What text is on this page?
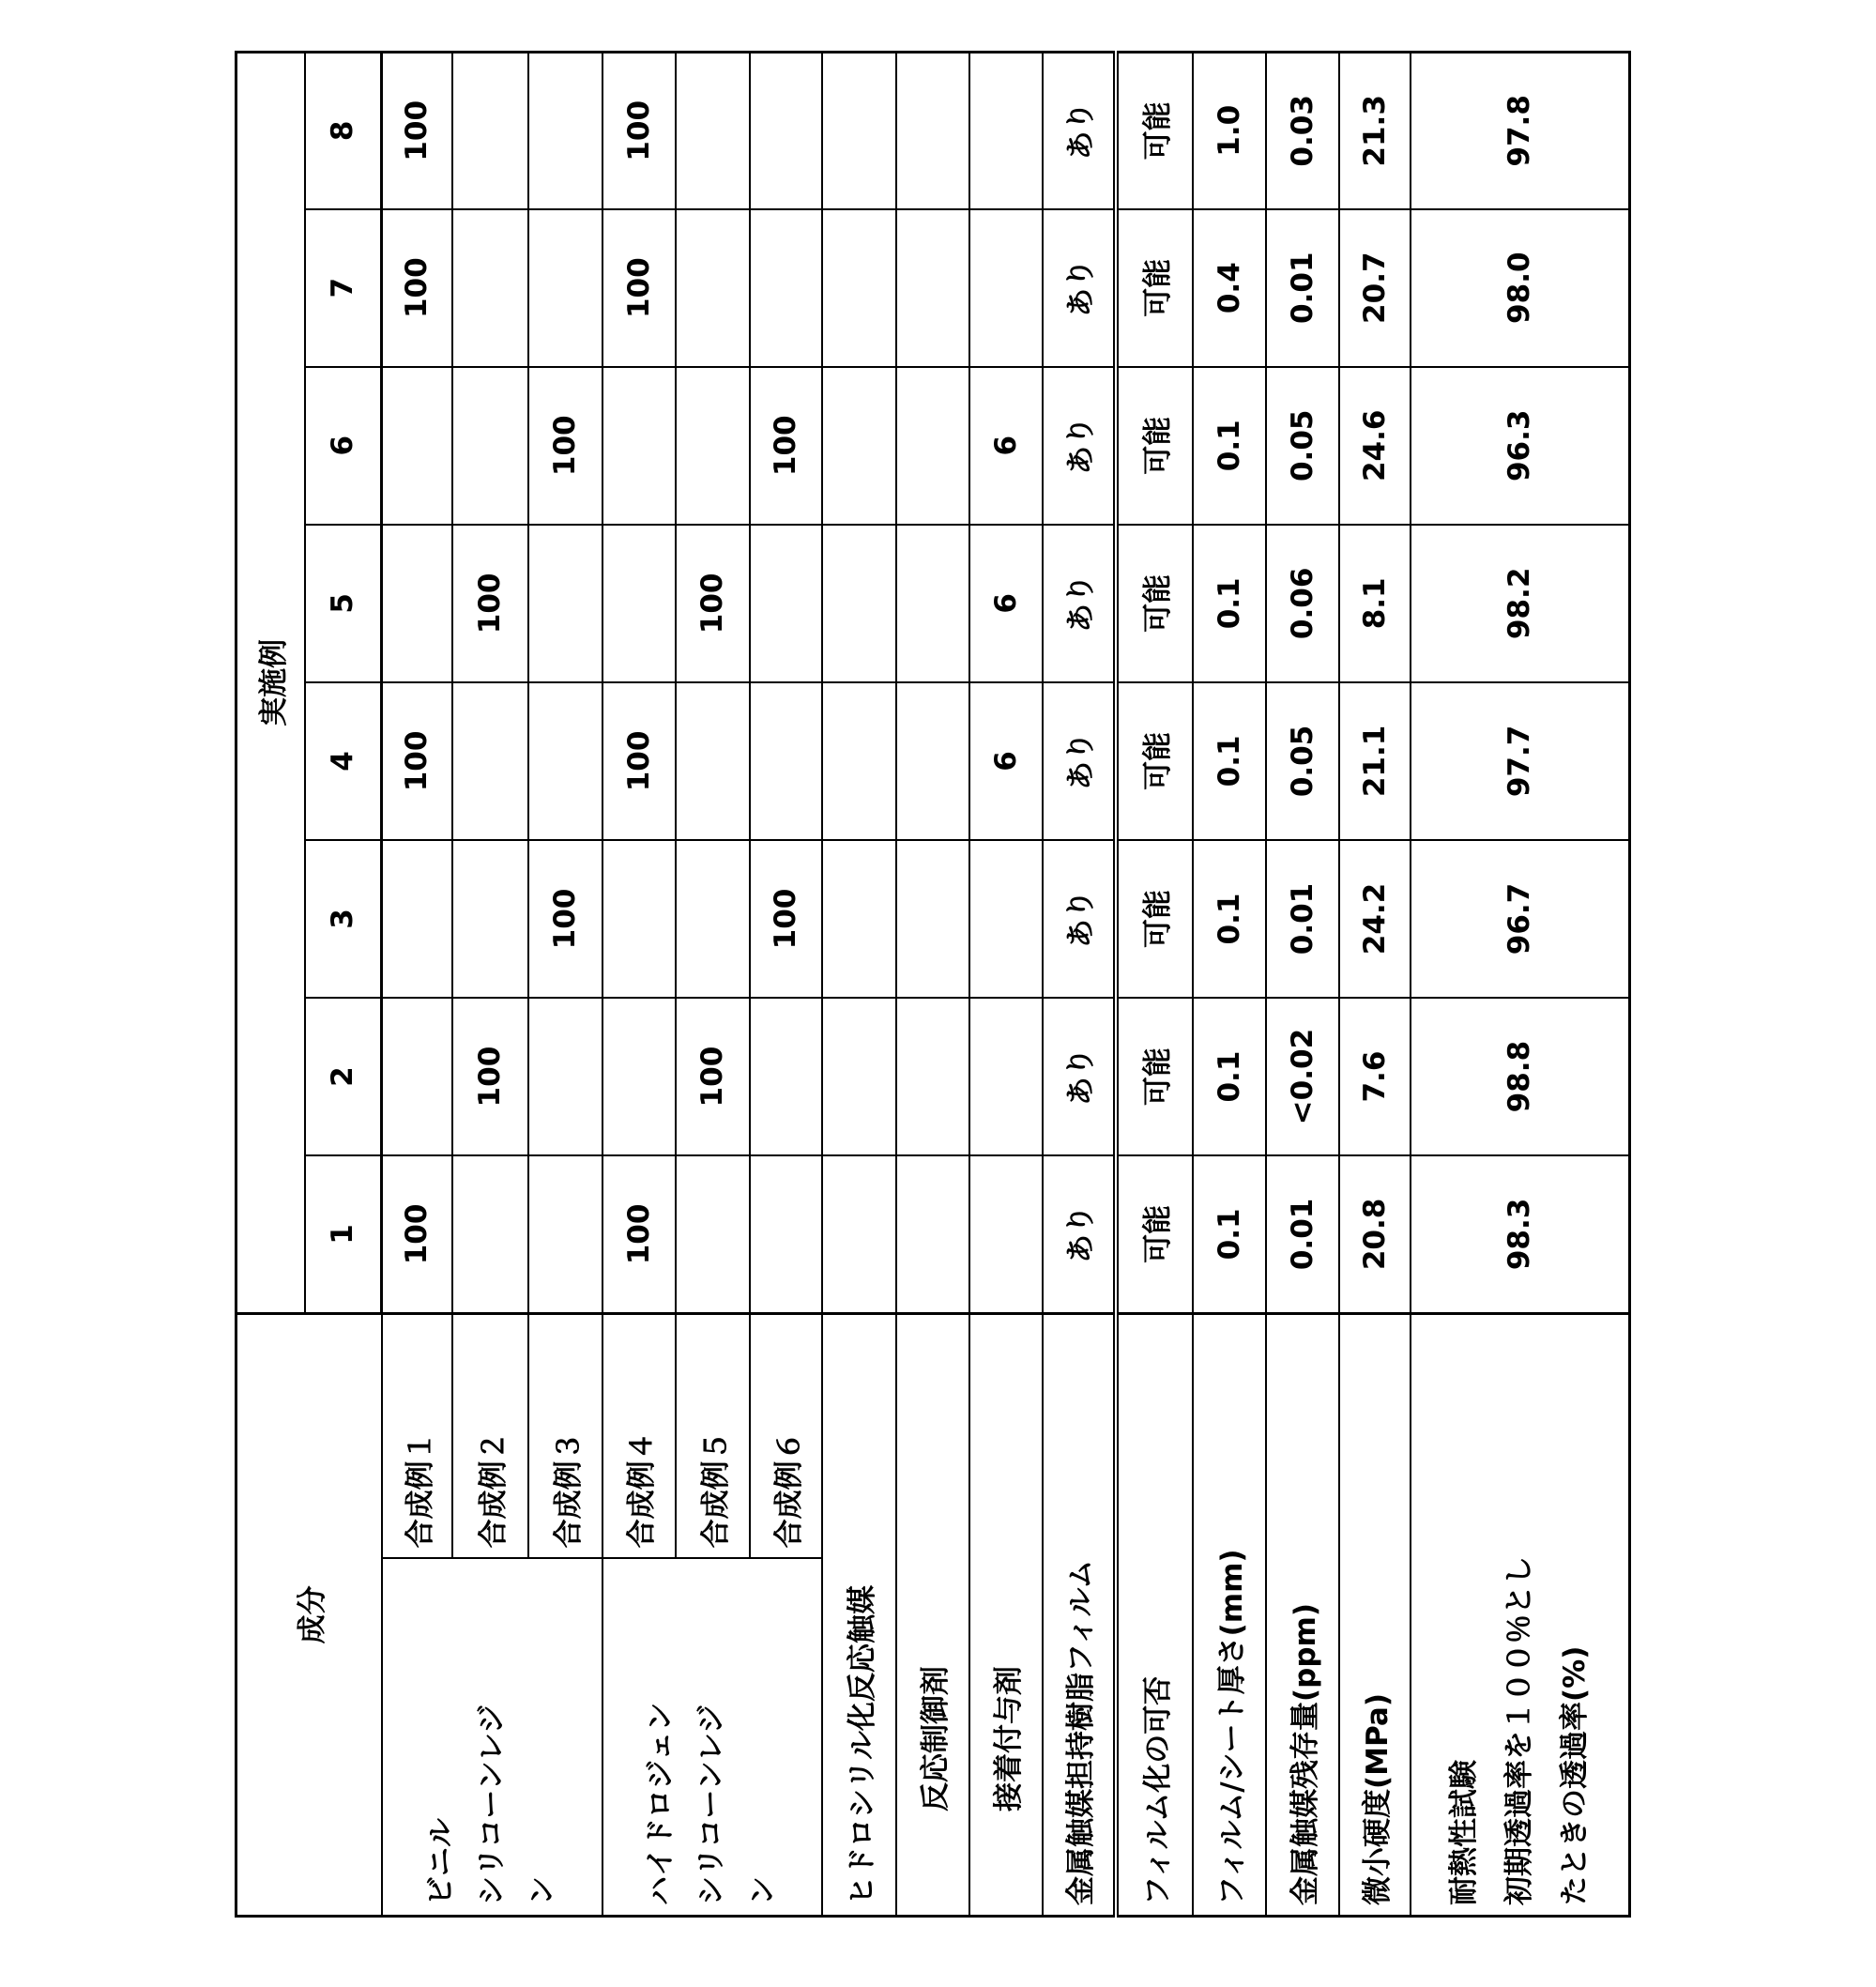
成分	実施例
1	2	3	4	5	6	7	8
ビニル
シリコーンレジ
ン	合成例１	100			100			100	100
合成例２		100			100			
合成例３			100			100		
ハイドロジェン
シリコーンレジ
ン	合成例４	100			100			100	100
合成例５		100			100			
合成例６			100			100		
ヒドロシリル化反応触媒								反応制御剤								接着付与剤				6	6	6		
金属触媒担持樹脂フィルム	あり	あり	あり	あり	あり	あり	あり	あり
フィルム化の可否	可能	可能	可能	可能	可能	可能	可能	可能
フィルム/シート厚さ(mm)	0.1	0.1	0.1	0.1	0.1	0.1	0.4	1.0
金属触媒残存量(ppm)	0.01	<0.02	0.01	0.05	0.06	0.05	0.01	0.03
微小硬度(MPa)	20.8	7.6	24.2	21.1	8.1	24.6	20.7	21.3
耐熱性試験
初期透過率を１００％とし
たときの透過率(%)	98.3	98.8	96.7	97.7	98.2	96.3	98.0	97.8
